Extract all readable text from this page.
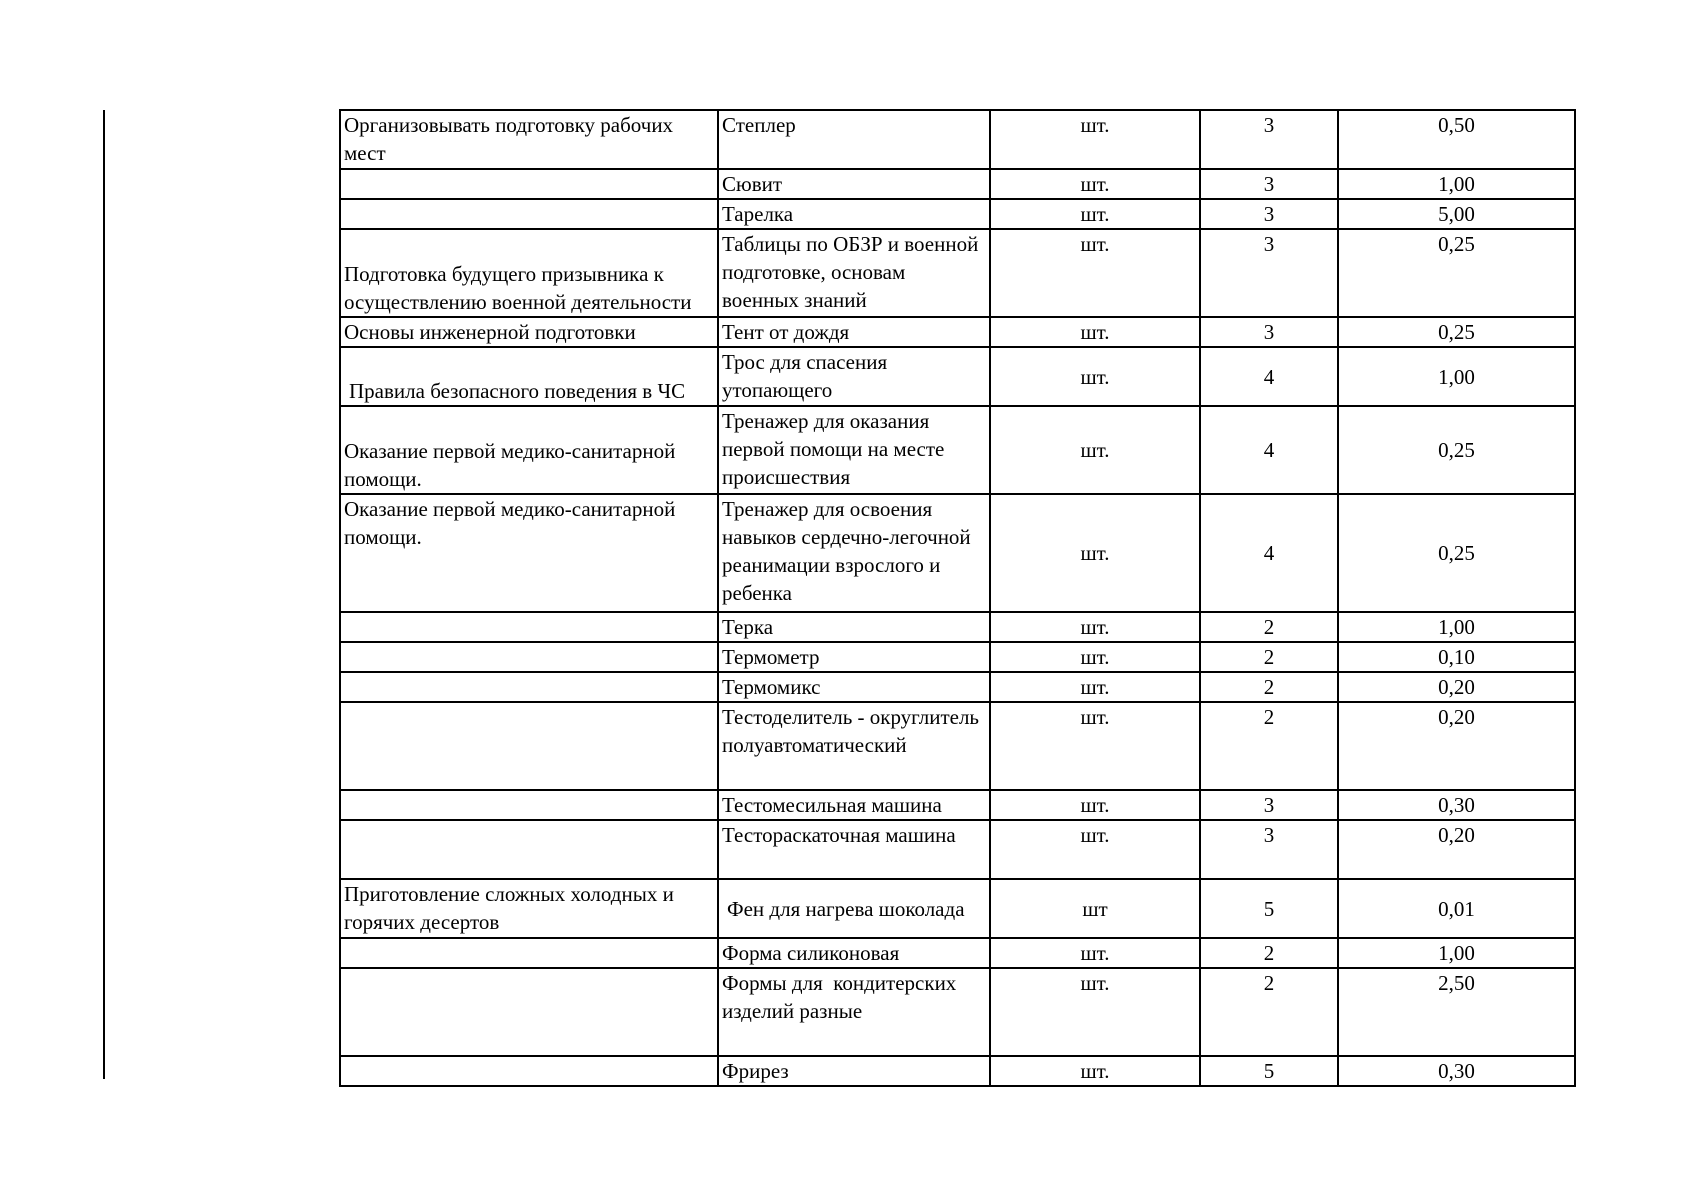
Организовывать подготовку рабочих мест	Степлер	шт.	3	0,50
	Сювит	шт.	3	1,00
	Тарелка	шт.	3	5,00
Подготовка будущего призывника к осуществлению военной деятельности	Таблицы по ОБЗР и военной подготовке, основам военных знаний	шт.	3	0,25
Основы инженерной подготовки	Тент от дождя	шт.	3	0,25
Правила безопасного поведения в ЧС	Трос для спасения утопающего	шт.	4	1,00
Оказание первой медико-санитарной помощи.	Тренажер для оказания первой помощи на месте происшествия	шт.	4	0,25
Оказание первой медико-санитарной помощи.	Тренажер для освоения навыков сердечно-легочной реанимации взрослого и ребенка	шт.	4	0,25
	Терка	шт.	2	1,00
	Термометр	шт.	2	0,10
	Термомикс	шт.	2	0,20
	Тестоделитель - округлитель полуавтоматический	шт.	2	0,20
	Тестомесильная машина	шт.	3	0,30
	Тестораскаточная машина	шт.	3	0,20
Приготовление сложных холодных и горячих десертов	Фен для нагрева шоколада	шт	5	0,01
	Форма силиконовая	шт.	2	1,00
	Формы для  кондитерских изделий разные	шт.	2	2,50
	Фрирез	шт.	5	0,30
